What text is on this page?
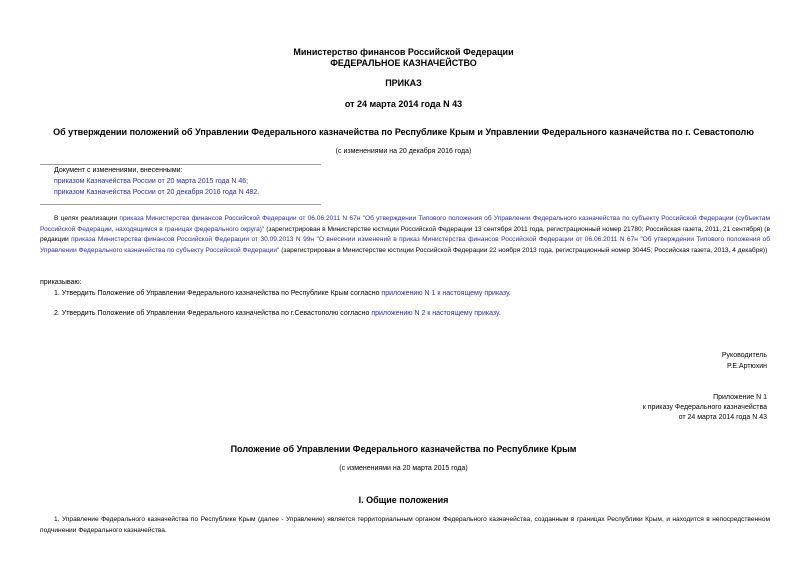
Министерство финансов Российской Федерации
ФЕДЕРАЛЬНОЕ КАЗНАЧЕЙСТВО
ПРИКАЗ
от 24 марта 2014 года N 43
Об утверждении положений об Управлении Федерального казначейства по Республике Крым и Управлении Федерального казначейства по г. Севастополю
(с изменениями на 20 декабря 2016 года)
Документ с изменениями, внесенными:
приказом Казначейства России от 20 марта 2015 года N 46;
приказом Казначейства России от 20 декабря 2016 года N 482.
В целях реализации приказа Министерства финансов Российской Федерации от 06.06.2011 N 67н "Об утверждении Типового положения об Управлении Федерального казначейства по субъекту Российской Федерации (субъектам Российской Федерации, находящимся в границах федерального округа)" (зарегистрирован в Министерстве юстиции Российской Федерации 13 сентября 2011 года, регистрационный номер 21780; Российская газета, 2011, 21 сентября) (в редакции приказа Министерства финансов Российской Федерации от 30.09.2013 N 99н "О внесении изменений в приказ Министерства финансов Российской Федерации от 06.06.2011 N 67н "Об утверждении Типового положения об Управлении Федерального казначейства по субъекту Российской Федерации" (зарегистрирован в Министерстве юстиции Российской Федерации 22 ноября 2013 года, регистрационный номер 30445; Российская газета, 2013, 4 декабря))
приказываю:
1. Утвердить Положение об Управлении Федерального казначейства по Республике Крым согласно приложению N 1 к настоящему приказу.
2. Утвердить Положение об Управлении Федерального казначейства по г.Севастополю согласно приложению N 2 к настоящему приказу.
Руководитель
Р.Е.Артюхин
Приложение N 1
к приказу Федерального казначейства
от 24 марта 2014 года N 43
Положение об Управлении Федерального казначейства по Республике Крым
(с изменениями на 20 марта 2015 года)
I. Общие положения
1. Управление Федерального казначейства по Республике Крым (далее - Управление) является территориальным органом Федерального казначейства, созданным в границах Республики Крым, и находится в непосредственном подчинении Федерального казначейства.
